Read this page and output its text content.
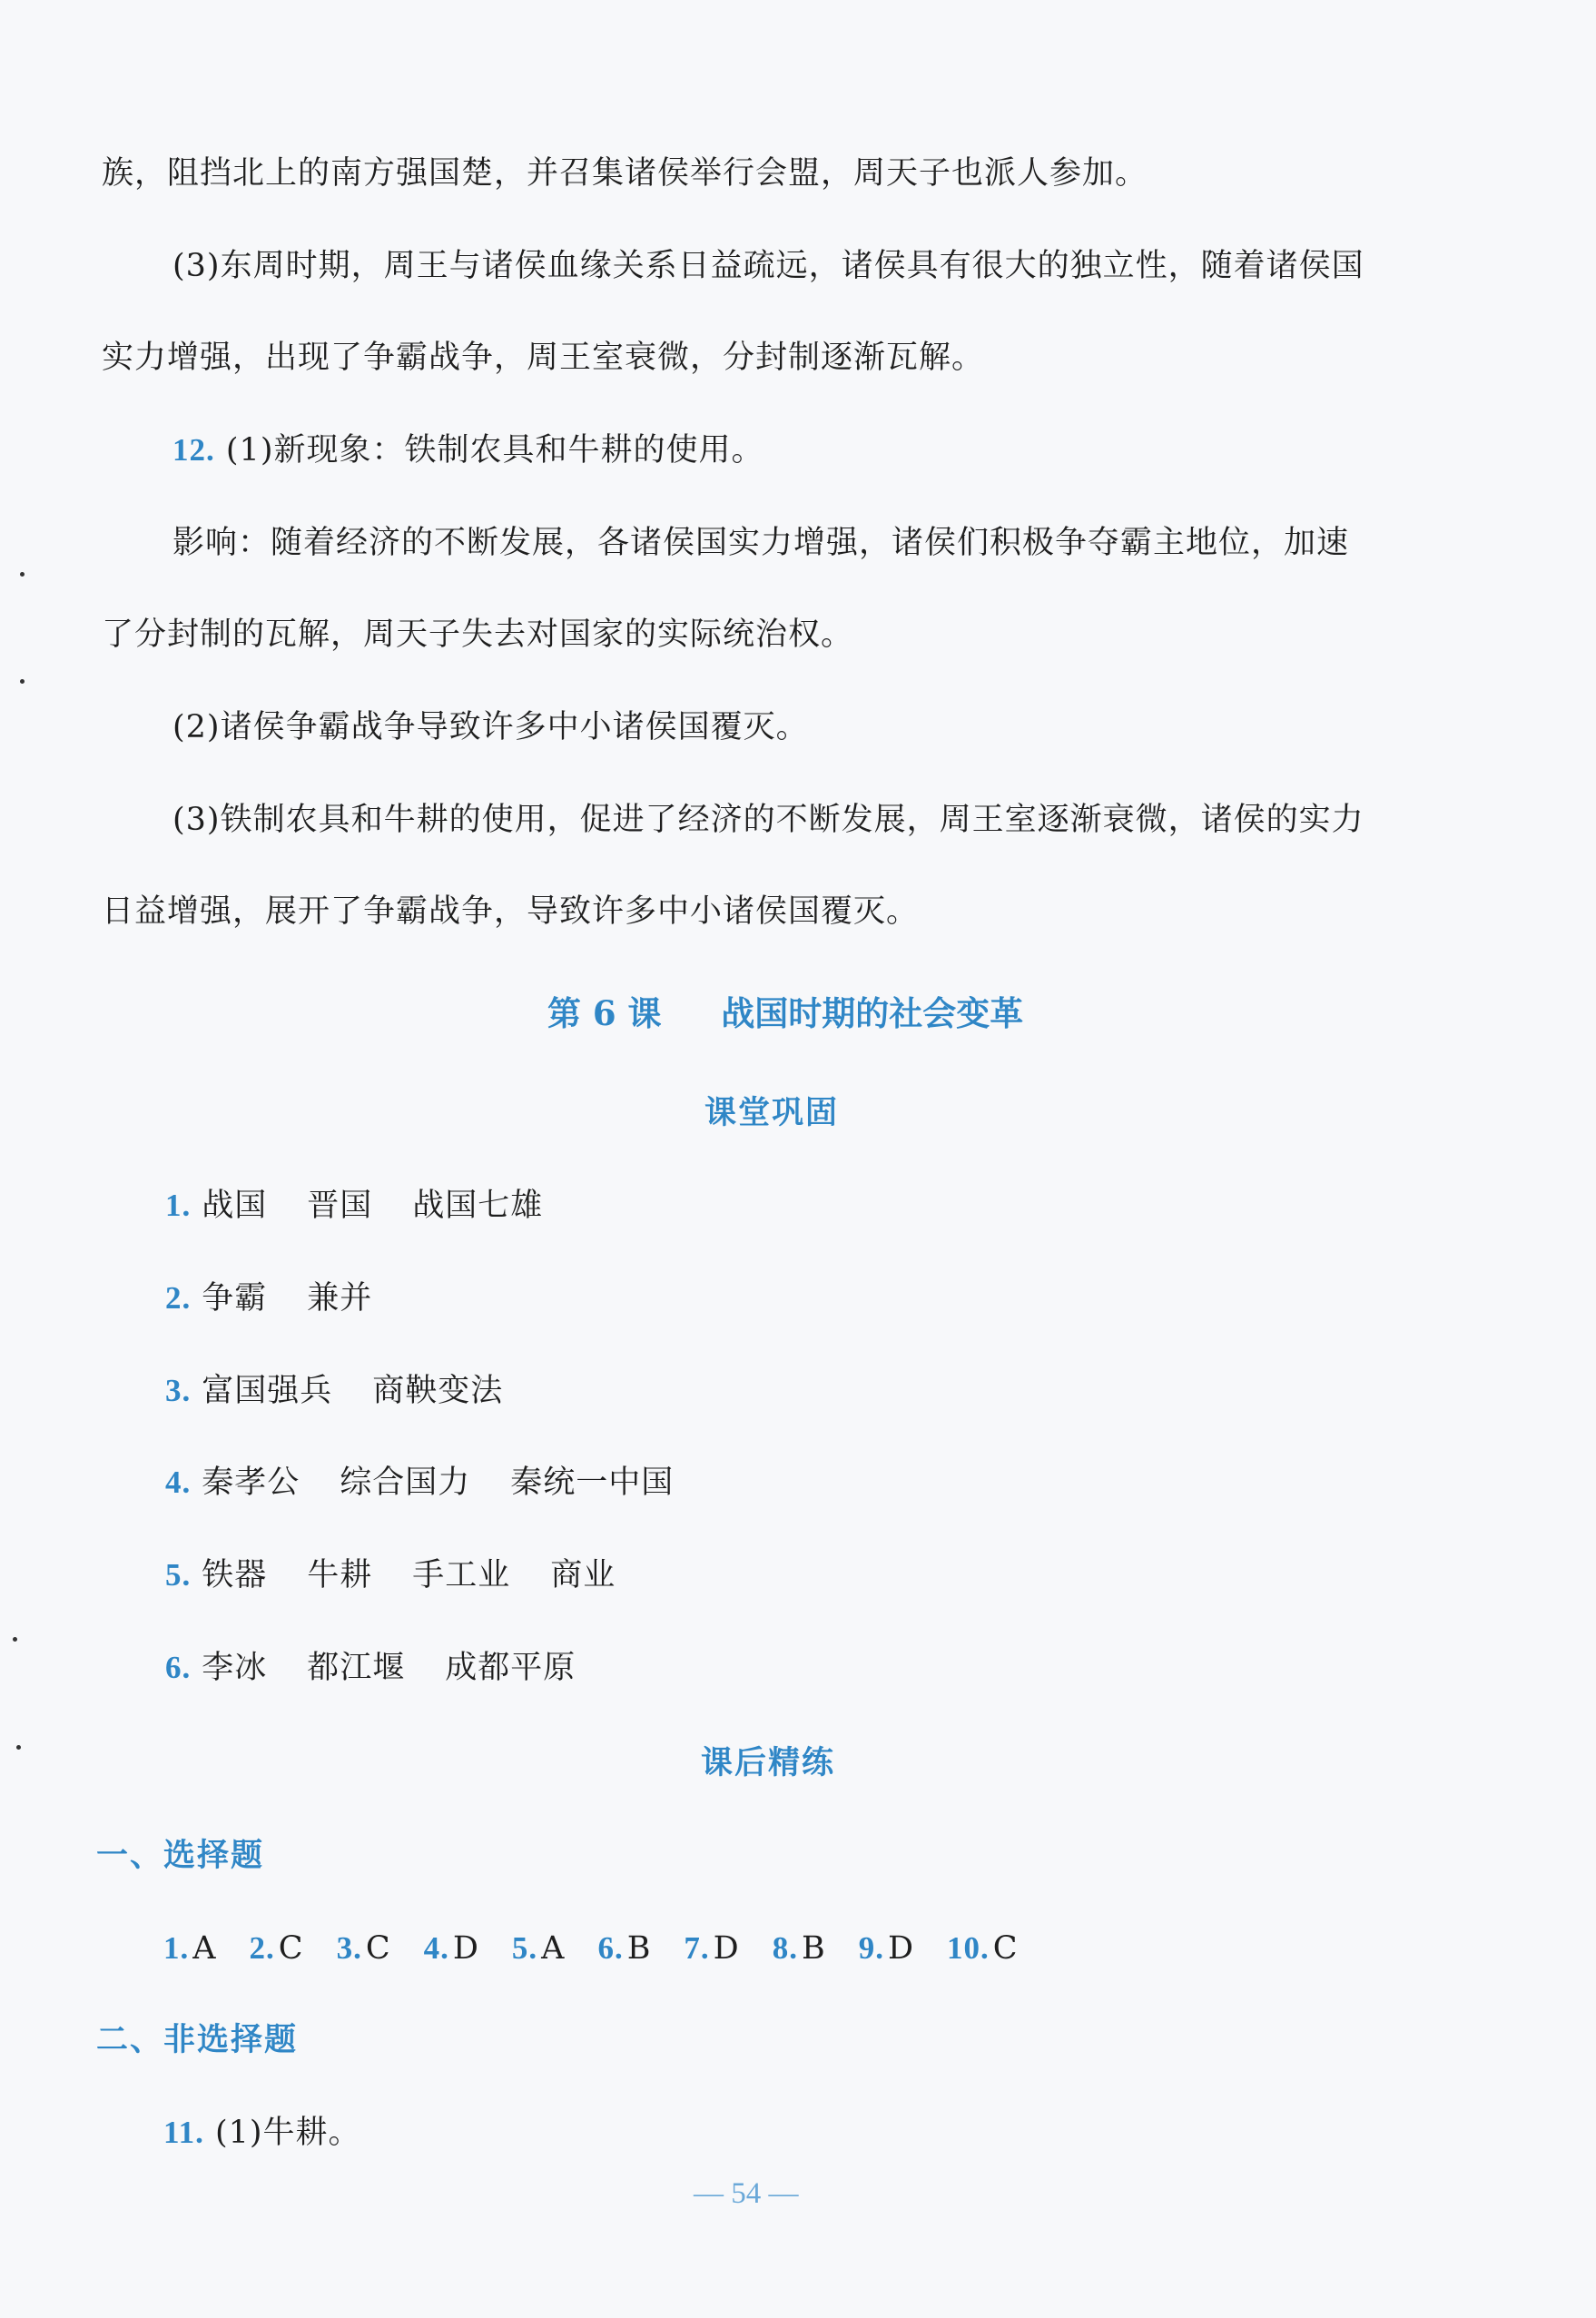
族，阻挡北上的南方强国楚，并召集诸侯举行会盟，周天子也派人参加。
(3)东周时期，周王与诸侯血缘关系日益疏远，诸侯具有很大的独立性，随着诸侯国
实力增强，出现了争霸战争，周王室衰微，分封制逐渐瓦解。
12. (1)新现象：铁制农具和牛耕的使用。
影响：随着经济的不断发展，各诸侯国实力增强，诸侯们积极争夺霸主地位，加速
了分封制的瓦解，周天子失去对国家的实际统治权。
(2)诸侯争霸战争导致许多中小诸侯国覆灭。
(3)铁制农具和牛耕的使用，促进了经济的不断发展，周王室逐渐衰微，诸侯的实力
日益增强，展开了争霸战争，导致许多中小诸侯国覆灭。
第 6 课 战国时期的社会变革
课堂巩固
1. 战国 晋国 战国七雄
2. 争霸 兼并
3. 富国强兵 商鞅变法
4. 秦孝公 综合国力 秦统一中国
5. 铁器 牛耕 手工业 商业
6. 李冰 都江堰 成都平原
课后精练
一、选择题
1. A 2. C 3. C 4. D 5. A 6. B 7. D 8. B 9. D 10. C
二、非选择题
11. (1)牛耕。
— 54 —
